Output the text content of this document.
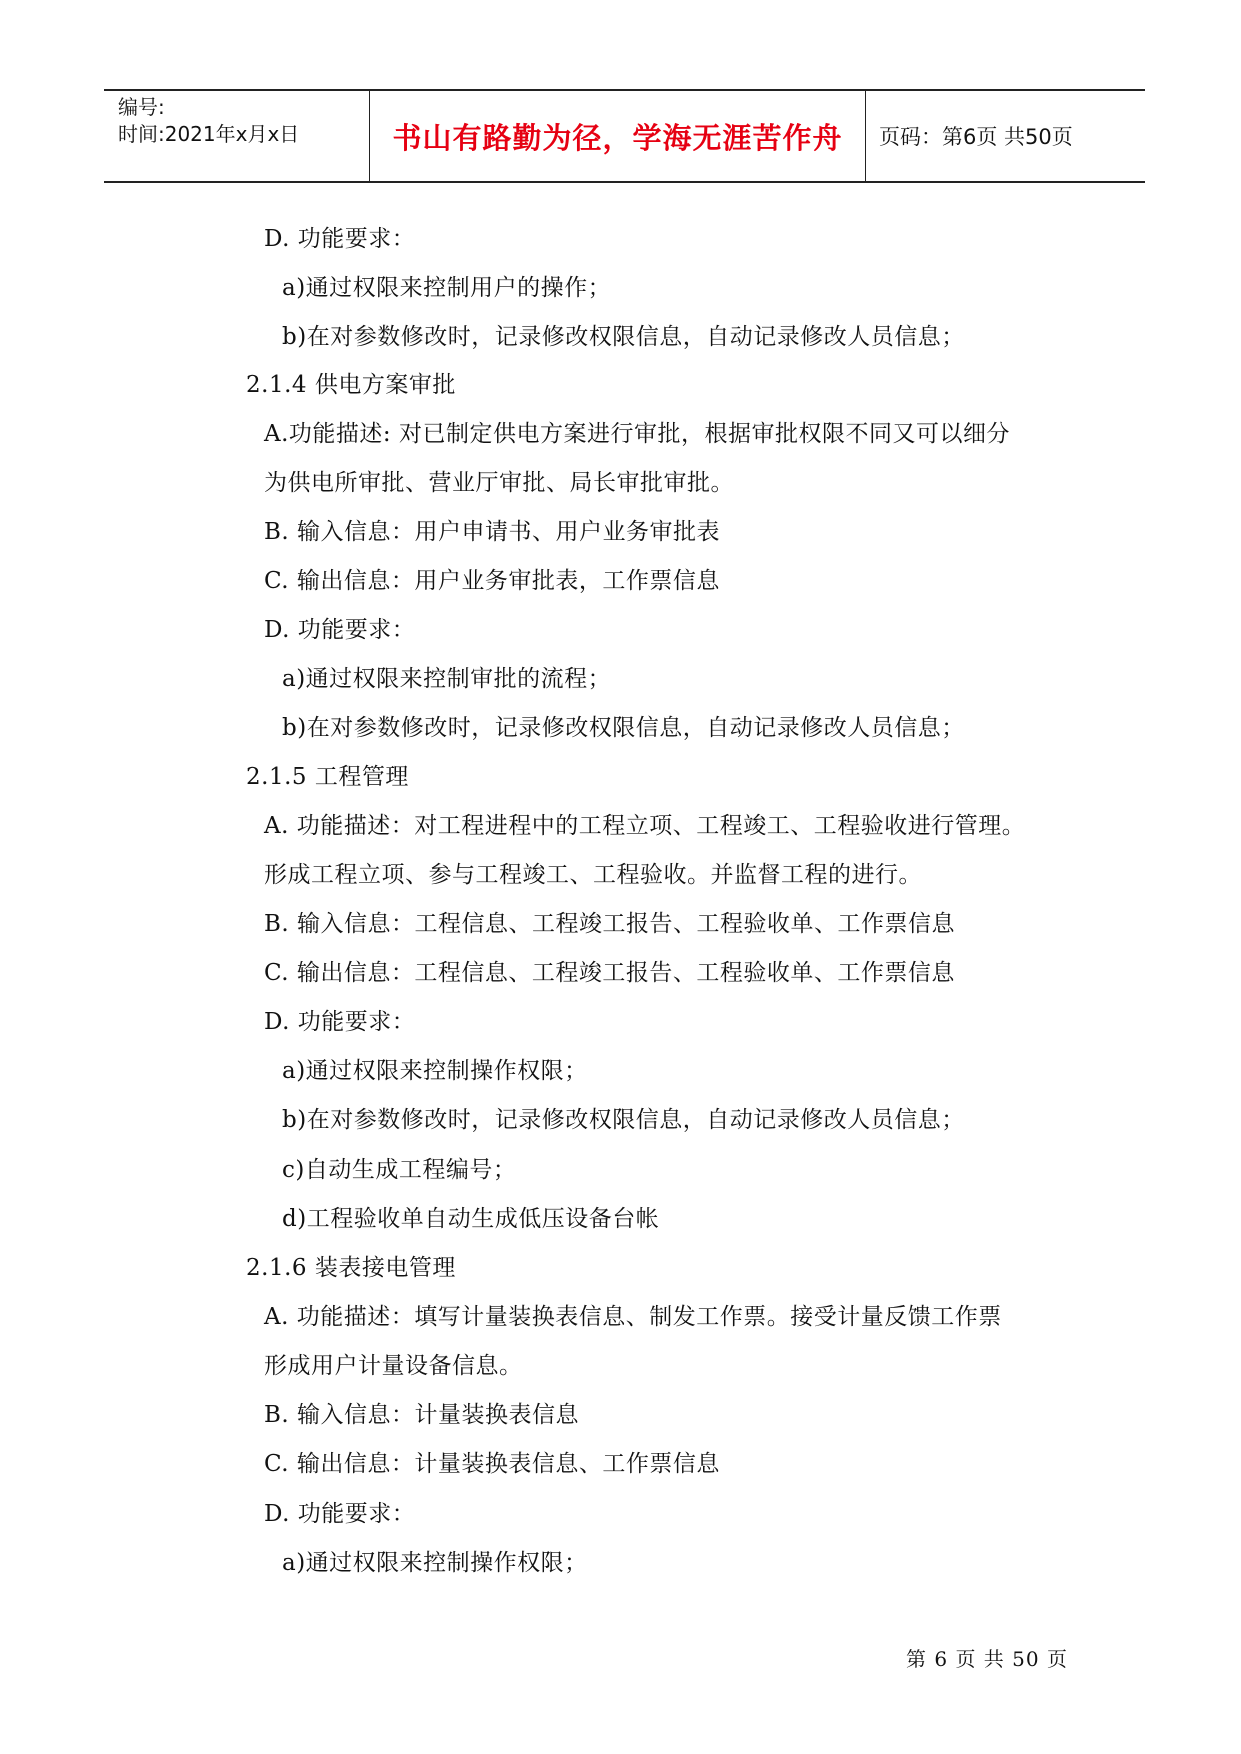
编号:
时间:2021年x月x日	书山有路勤为径，学海无涯苦作舟 页码：第6页 共50页
D. 功能要求：
a)通过权限来控制用户的操作；
b)在对参数修改时，记录修改权限信息，自动记录修改人员信息；
2.1.4 供电方案审批
A.功能描述: 对已制定供电方案进行审批，根据审批权限不同又可以细分
为供电所审批、营业厅审批、局长审批审批。
B. 输入信息：用户申请书、用户业务审批表
C. 输出信息：用户业务审批表，工作票信息
D. 功能要求：
a)通过权限来控制审批的流程；
b)在对参数修改时，记录修改权限信息，自动记录修改人员信息；
2.1.5 工程管理
A. 功能描述：对工程进程中的工程立项、工程竣工、工程验收进行管理。
形成工程立项、参与工程竣工、工程验收。并监督工程的进行。
B. 输入信息：工程信息、工程竣工报告、工程验收单、工作票信息
C. 输出信息：工程信息、工程竣工报告、工程验收单、工作票信息
D. 功能要求：
a)通过权限来控制操作权限；
b)在对参数修改时，记录修改权限信息，自动记录修改人员信息；
c)自动生成工程编号；
d)工程验收单自动生成低压设备台帐
2.1.6 装表接电管理
A. 功能描述：填写计量装换表信息、制发工作票。接受计量反馈工作票
形成用户计量设备信息。
B. 输入信息：计量装换表信息
C. 输出信息：计量装换表信息、工作票信息
D. 功能要求：
a)通过权限来控制操作权限；
第 6 页 共 50 页
